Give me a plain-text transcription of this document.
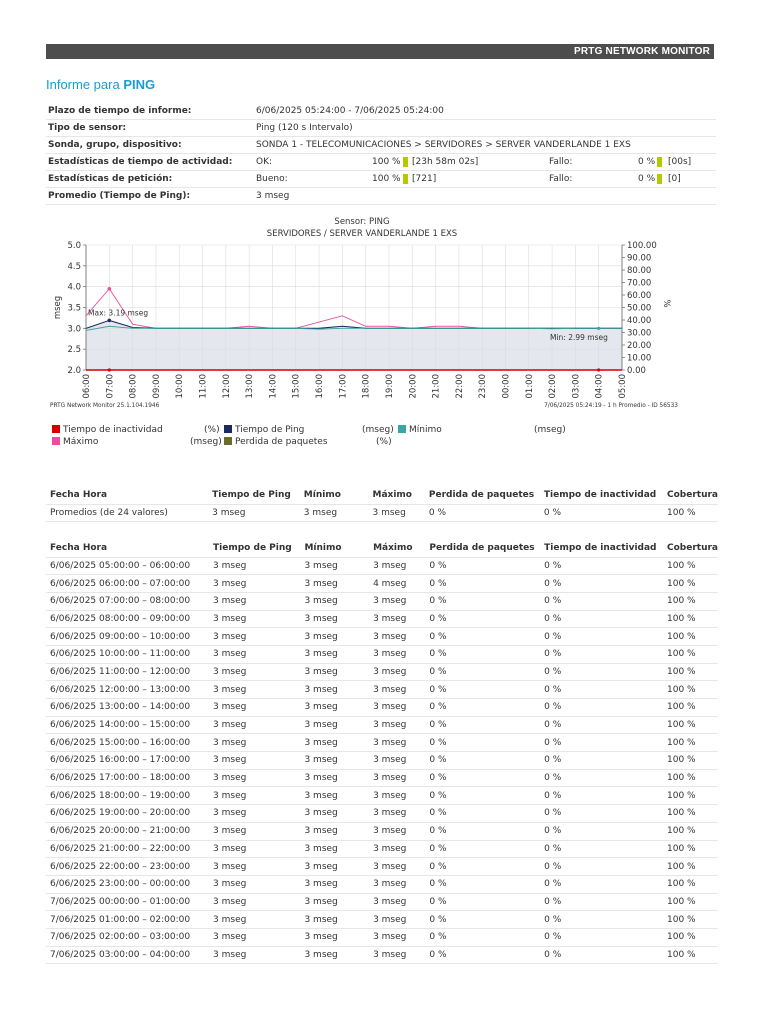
PRTG NETWORK MONITOR
Informe para PING
Plazo de tiempo de informe:	6/06/2025 05:24:00 - 7/06/2025 05:24:00
Tipo de sensor:	Ping (120 s Intervalo)
Sonda, grupo, dispositivo:	SONDA 1 - TELECOMUNICACIONES > SERVIDORES > SERVER VANDERLANDE 1 EXS
Estadísticas de tiempo de actividad:	OK:	100 %	[23h 58m 02s]	Fallo:	0 %	[00s]
Estadísticas de petición:	Bueno:	100 %	[721]	Fallo:	0 %	[0]
Promedio (Tiempo de Ping):	3 mseg
Sensor: PING
SERVIDORES / SERVER VANDERLANDE 1 EXS
5.0
4.5
4.0
3.5
3.0
2.5
2.0
100.00
90.00
80.00
70.00
60.00
50.00
40.00
30.00
20.00
10.00
0.00
mseg	%
06:00 07:00 08:00 09:00 10:00 11:00 12:00 13:00 14:00 15:00 16:00 17:00 18:00 19:00 20:00 21:00 22:00 23:00 00:00 01:00 02:00 03:00 04:00 05:00
Max: 3.19 mseg
Min: 2.99 mseg
PRTG Network Monitor 25.1.104.1946	7/06/2025 05:24:19 - 1 h Promedio - ID 56533
Tiempo de inactividad	(%)	Tiempo de Ping	(mseg)	Mínimo	(mseg)
Máximo	(mseg)	Perdida de paquetes	(%)
Fecha Hora	Tiempo de Ping	Mínimo	Máximo	Perdida de paquetes	Tiempo de inactividad	Cobertura
Promedios (de 24 valores)	3 mseg	3 mseg	3 mseg	0 %	0 %	100 %
Fecha Hora	Tiempo de Ping	Mínimo	Máximo	Perdida de paquetes	Tiempo de inactividad	Cobertura
6/06/2025 05:00:00 – 06:00:00	3 mseg	3 mseg	3 mseg	0 %	0 %	100 %
6/06/2025 06:00:00 – 07:00:00	3 mseg	3 mseg	4 mseg	0 %	0 %	100 %
6/06/2025 07:00:00 – 08:00:00	3 mseg	3 mseg	3 mseg	0 %	0 %	100 %
6/06/2025 08:00:00 – 09:00:00	3 mseg	3 mseg	3 mseg	0 %	0 %	100 %
6/06/2025 09:00:00 – 10:00:00	3 mseg	3 mseg	3 mseg	0 %	0 %	100 %
6/06/2025 10:00:00 – 11:00:00	3 mseg	3 mseg	3 mseg	0 %	0 %	100 %
6/06/2025 11:00:00 – 12:00:00	3 mseg	3 mseg	3 mseg	0 %	0 %	100 %
6/06/2025 12:00:00 – 13:00:00	3 mseg	3 mseg	3 mseg	0 %	0 %	100 %
6/06/2025 13:00:00 – 14:00:00	3 mseg	3 mseg	3 mseg	0 %	0 %	100 %
6/06/2025 14:00:00 – 15:00:00	3 mseg	3 mseg	3 mseg	0 %	0 %	100 %
6/06/2025 15:00:00 – 16:00:00	3 mseg	3 mseg	3 mseg	0 %	0 %	100 %
6/06/2025 16:00:00 – 17:00:00	3 mseg	3 mseg	3 mseg	0 %	0 %	100 %
6/06/2025 17:00:00 – 18:00:00	3 mseg	3 mseg	3 mseg	0 %	0 %	100 %
6/06/2025 18:00:00 – 19:00:00	3 mseg	3 mseg	3 mseg	0 %	0 %	100 %
6/06/2025 19:00:00 – 20:00:00	3 mseg	3 mseg	3 mseg	0 %	0 %	100 %
6/06/2025 20:00:00 – 21:00:00	3 mseg	3 mseg	3 mseg	0 %	0 %	100 %
6/06/2025 21:00:00 – 22:00:00	3 mseg	3 mseg	3 mseg	0 %	0 %	100 %
6/06/2025 22:00:00 – 23:00:00	3 mseg	3 mseg	3 mseg	0 %	0 %	100 %
6/06/2025 23:00:00 – 00:00:00	3 mseg	3 mseg	3 mseg	0 %	0 %	100 %
7/06/2025 00:00:00 – 01:00:00	3 mseg	3 mseg	3 mseg	0 %	0 %	100 %
7/06/2025 01:00:00 – 02:00:00	3 mseg	3 mseg	3 mseg	0 %	0 %	100 %
7/06/2025 02:00:00 – 03:00:00	3 mseg	3 mseg	3 mseg	0 %	0 %	100 %
7/06/2025 03:00:00 – 04:00:00	3 mseg	3 mseg	3 mseg	0 %	0 %	100 %
